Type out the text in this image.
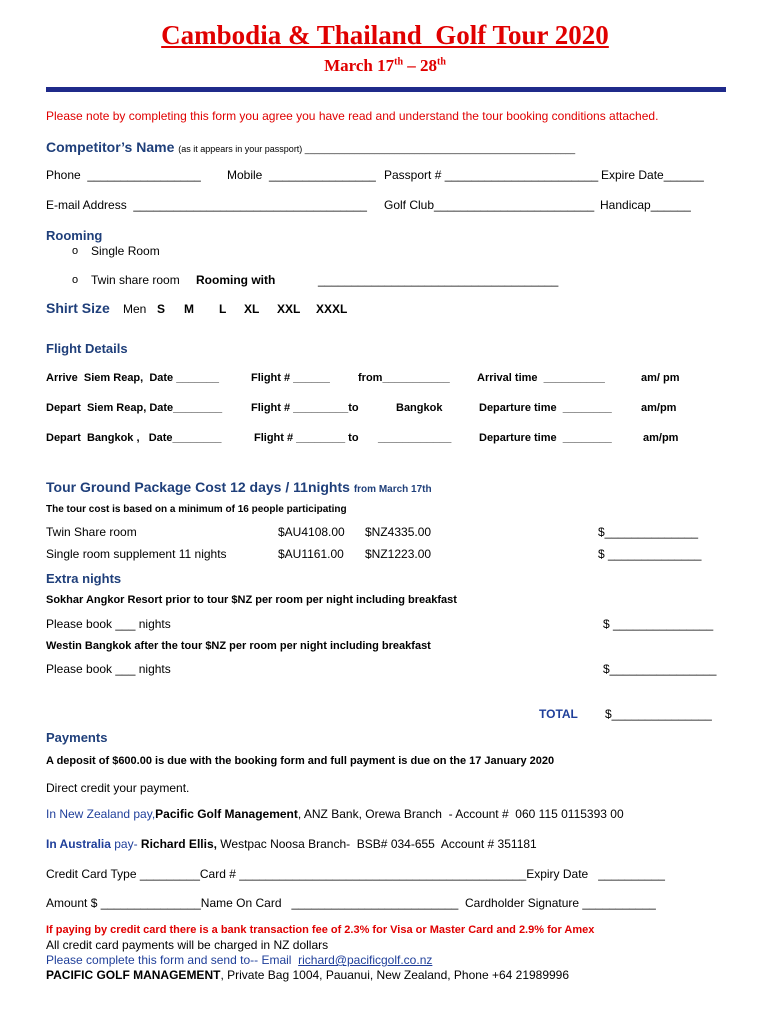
Cambodia & Thailand  Golf Tour 2020
March 17th – 28th
Please note by completing this form you agree you have read and understand the tour booking conditions attached.
Competitor’s Name (as it appears in your passport) ______________________________________________________
Phone  _________________ Mobile  ________________ Passport # _______________________ Expire Date______
E-mail Address  ___________________________________ Golf Club________________________ Handicap______
Rooming
o Single Room
o Twin share room Rooming with	____________________________________
Shirt Size Men S M L XL XXL XXXL
Flight Details
Arrive  Siem Reap,  Date _______	Flight # ______	from___________ Arrival time  __________	am/ pm
Depart  Siem Reap, Date________	Flight # _________to	Bangkok	Departure time  ________	am/pm
Depart  Bangkok ,   Date________	Flight # ________ to ____________	Departure time  ________	am/pm
Tour Ground Package Cost 12 days / 11nights from March 17th
The tour cost is based on a minimum of 16 people participating
Twin Share room	$AU4108.00 $NZ4335.00	$______________
Single room supplement 11 nights	$AU1161.00 $NZ1223.00	$ ______________
Extra nights
Sokhar Angkor Resort prior to tour $NZ per room per night including breakfast
Please book ___ nights	$ _______________
Westin Bangkok after the tour $NZ per room per night including breakfast
Please book ___ nights	$________________
TOTAL $_______________
Payments
A deposit of $600.00 is due with the booking form and full payment is due on the 17 January 2020
Direct credit your payment.
In New Zealand pay,Pacific Golf Management, ANZ Bank, Orewa Branch  - Account #  060 115 0115393 00
In Australia pay- Richard Ellis, Westpac Noosa Branch-  BSB# 034-655  Account # 351181
Credit Card Type _________Card # ___________________________________________Expiry Date   __________
Amount $ _______________Name On Card   _________________________  Cardholder Signature ___________
If paying by credit card there is a bank transaction fee of 2.3% for Visa or Master Card and 2.9% for Amex
All credit card payments will be charged in NZ dollars
Please complete this form and send to-- Email  richard@pacificgolf.co.nz
PACIFIC GOLF MANAGEMENT, Private Bag 1004, Pauanui, New Zealand, Phone +64 21989996
